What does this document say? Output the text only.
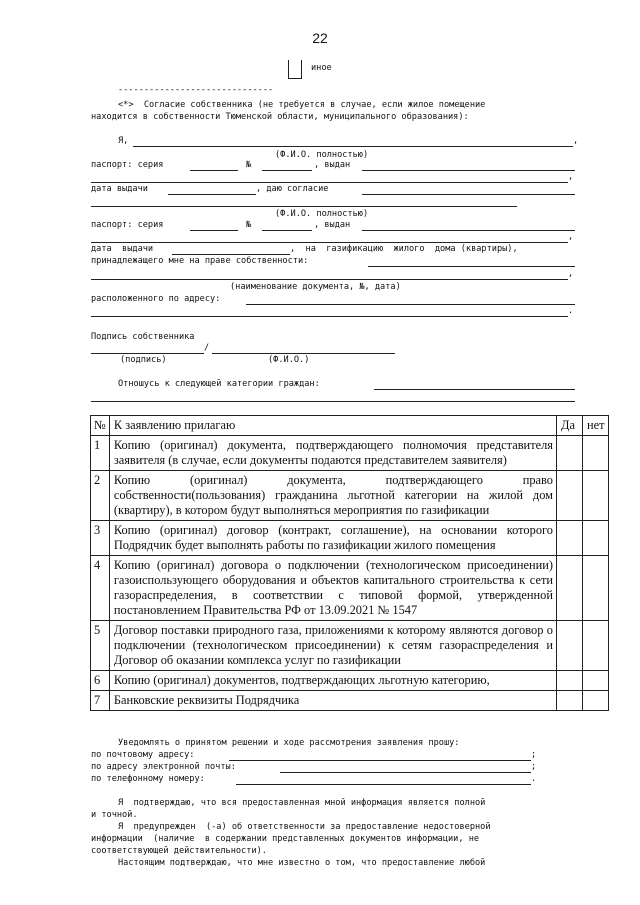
22
иное
------------------------------
<*>  Согласие собственника (не требуется в случае, если жилое помещение
находится в собственности Тюменской области, муниципального образования):
Я,	,
(Ф.И.О. полностью)
паспорт: серия	№	, выдан
,
дата выдачи	, даю согласие
(Ф.И.О. полностью)
паспорт: серия	№	, выдан
,
дата  выдачи	,  на  газификацию  жилого  дома (квартиры),
принадлежащего мне на праве собственности:
,
(наименование документа, №, дата)
расположенного по адресу:
.
Подпись собственника
/
(подпись)	(Ф.И.О.)
Отношусь к следующей категории граждан:
№	К заявлению прилагаю	Да	нет
1	Копию (оригинал) документа, подтверждающего полномочия представителя заявителя (в случае, если документы подаются представителем заявителя)		
2	Копию (оригинал) документа, подтверждающего право собственности(пользования) гражданина льготной категории на жилой дом (квартиру), в котором будут выполняться мероприятия по газификации		
3	Копию (оригинал) договор (контракт, соглашение), на основании которого Подрядчик будет выполнять работы по газификации жилого помещения		
4	Копию (оригинал) договора о подключении (технологическом присоединении) газоиспользующего оборудования и объектов капитального строительства к сети газораспределения, в соответствии с типовой формой, утвержденной постановлением Правительства РФ от 13.09.2021 № 1547		
5	Договор поставки природного газа, приложениями к которому являются договор о подключении (технологическом присоединении) к сетям газораспределения и Договор об оказании комплекса услуг по газификации		
6	Копию (оригинал) документов, подтверждающих льготную категорию,		
7	Банковские реквизиты Подрядчика		
Уведомлять о принятом решении и ходе рассмотрения заявления прошу:
по почтовому адресу:	;
по адресу электронной почты:	;
по телефонному номеру:	.
Я  подтверждаю, что вся предоставленная мной информация является полной
и точной.
Я  предупрежден  (-а) об ответственности за предоставление недостоверной
информации  (наличие  в содержании представленных документов информации, не
соответствующей действительности).
Настоящим подтверждаю, что мне известно о том, что предоставление любой
